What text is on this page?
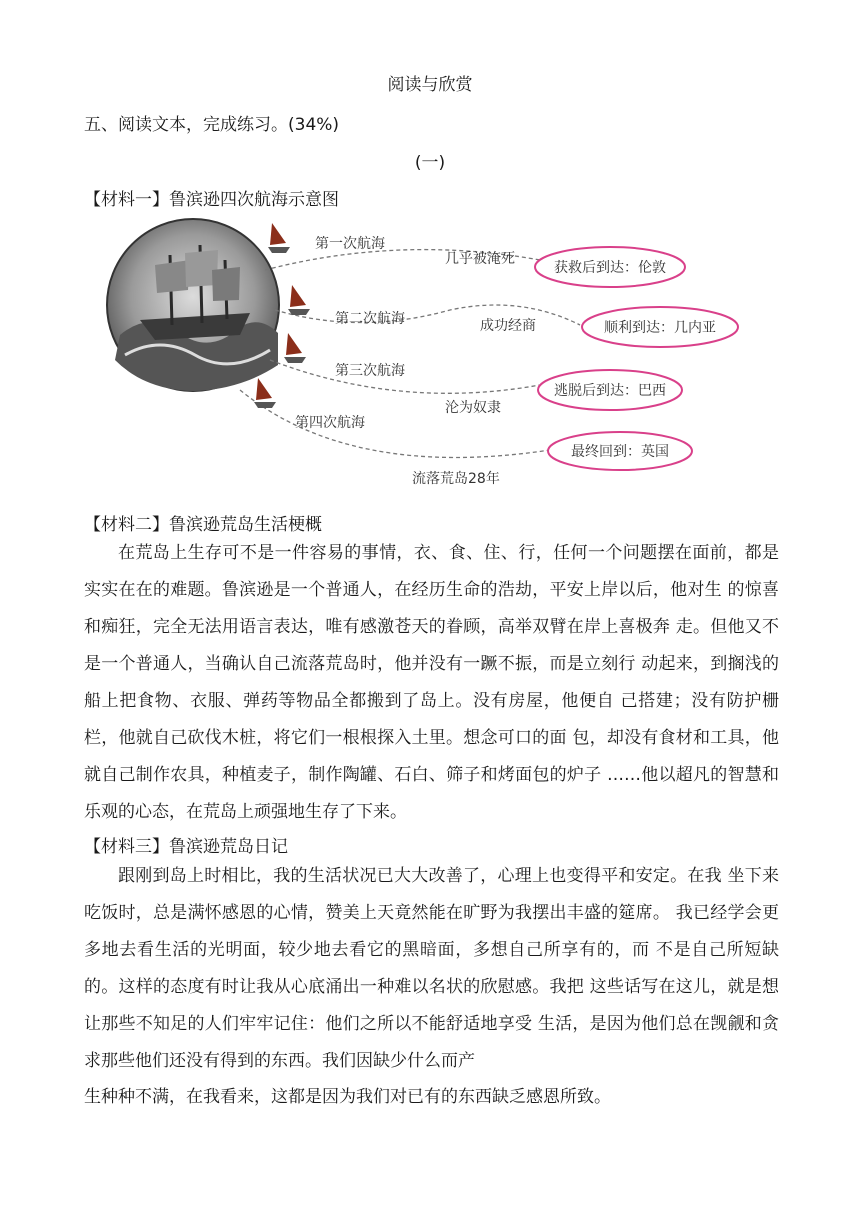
阅读与欣赏
五、阅读文本，完成练习。(34%)
(一)
【材料一】鲁滨逊四次航海示意图
第一次航海
几乎被淹死
第二次航海	成功经商
第三次航海
沦为奴隶
第四次航海
流落荒岛28年
获救后到达：伦敦
顺利到达：几内亚
逃脱后到达：巴西
最终回到：英国
【材料二】鲁滨逊荒岛生活梗概

在荒岛上生存可不是一件容易的事情，衣、食、住、行，任何一个问题摆在面前，都是实实在在的难题。鲁滨逊是一个普通人，在经历生命的浩劫，平安上岸以后，他对生 的惊喜和痴狂，完全无法用语言表达，唯有感激苍天的眷顾，高举双臂在岸上喜极奔 走。但他又不是一个普通人，当确认自己流落荒岛时，他并没有一蹶不振，而是立刻行 动起来，到搁浅的船上把食物、衣服、弹药等物品全都搬到了岛上。没有房屋，他便自 己搭建；没有防护栅栏，他就自己砍伐木桩，将它们一根根探入土里。想念可口的面 包，却没有食材和工具，他就自己制作农具，种植麦子，制作陶罐、石白、筛子和烤面包的炉子 ……他以超凡的智慧和乐观的心态，在荒岛上顽强地生存了下来。

【材料三】鲁滨逊荒岛日记

跟刚到岛上时相比，我的生活状况已大大改善了，心理上也变得平和安定。在我 坐下来吃饭时，总是满怀感恩的心情，赞美上天竟然能在旷野为我摆出丰盛的筵席。 我已经学会更多地去看生活的光明面，较少地去看它的黑暗面，多想自己所享有的，而 不是自己所短缺的。这样的态度有时让我从心底涌出一种难以名状的欣慰感。我把 这些话写在这儿，就是想让那些不知足的人们牢牢记住：他们之所以不能舒适地享受 生活，是因为他们总在觊觎和贪求那些他们还没有得到的东西。我们因缺少什么而产

生种种不满，在我看来，这都是因为我们对已有的东西缺乏感恩所致。
